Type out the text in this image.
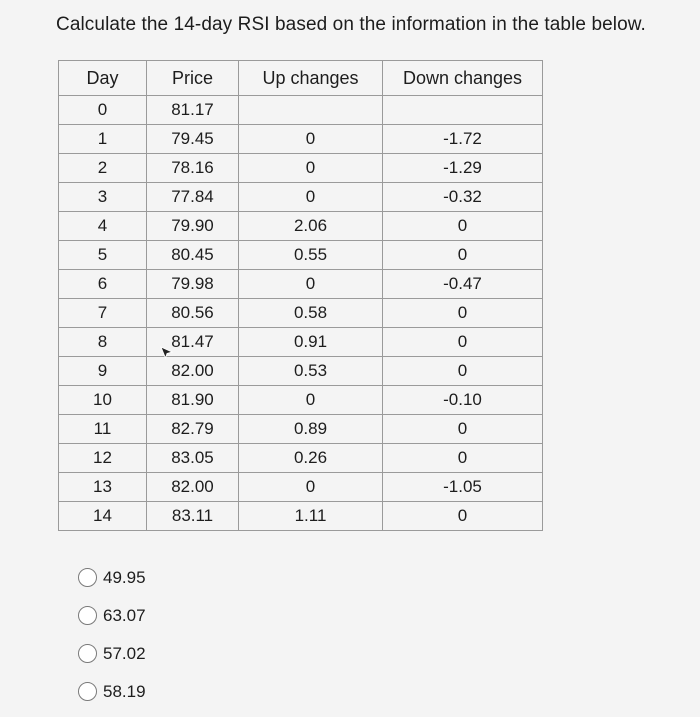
Calculate the 14-day RSI based on the information in the table below.
Day	Price	Up changes	Down changes
0	81.17		
1	79.45	0	-1.72
2	78.16	0	-1.29
3	77.84	0	-0.32
4	79.90	2.06	0
5	80.45	0.55	0
6	79.98	0	-0.47
7	80.56	0.58	0
8	81.47	0.91	0
9	82.00	0.53	0
10	81.90	0	-0.10
11	82.79	0.89	0
12	83.05	0.26	0
13	82.00	0	-1.05
14	83.11	1.11	0
49.95
63.07
57.02
58.19
